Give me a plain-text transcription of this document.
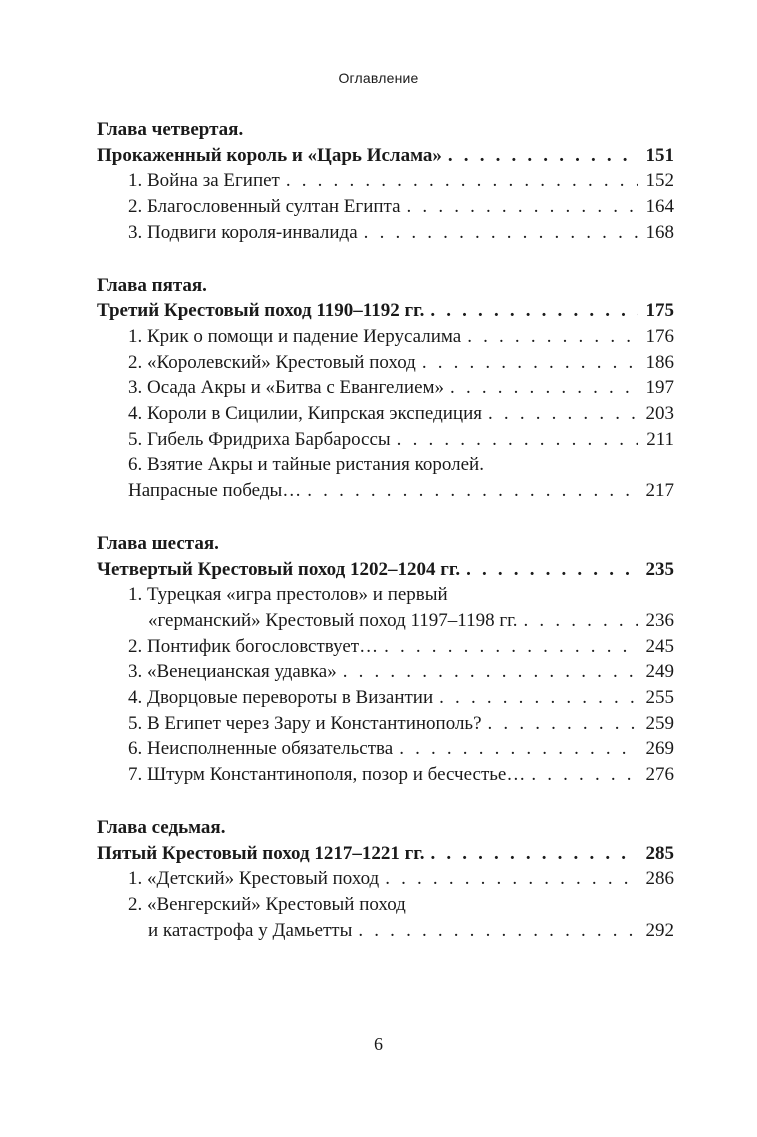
Оглавление
Глава четвертая.
Прокаженный король и «Царь Ислама» . . .	151
1. Война за Египет . . .	152
2. Благословенный султан Египта . . .	164
3. Подвиги короля-инвалида . . .	168
Глава пятая.
Третий Крестовый поход 1190–1192 гг. . . .	175
1. Крик о помощи и падение Иерусалима . . .	176
2. «Королевский» Крестовый поход . . .	186
3. Осада Акры и «Битва с Евангелием» . . .	197
4. Короли в Сицилии, Кипрская экспедиция . . .	203
5. Гибель Фридриха Барбароссы . . .	211
6. Взятие Акры и тайные ристания королей.
Напрасные победы… . . .	217
Глава шестая.
Четвертый Крестовый поход 1202–1204 гг. . . .	235
1. Турецкая «игра престолов» и первый
«германский» Крестовый поход 1197–1198 гг. . . .	236
2. Понтифик богословствует… . . .	245
3. «Венецианская удавка» . . .	249
4. Дворцовые перевороты в Византии . . .	255
5. В Египет через Зару и Константинополь? . . .	259
6. Неисполненные обязательства . . .	269
7. Штурм Константинополя, позор и бесчестье… . . .	276
Глава седьмая.
Пятый Крестовый поход 1217–1221 гг. . . .	285
1. «Детский» Крестовый поход . . .	286
2. «Венгерский» Крестовый поход
и катастрофа у Дамьетты . . .	292
6
